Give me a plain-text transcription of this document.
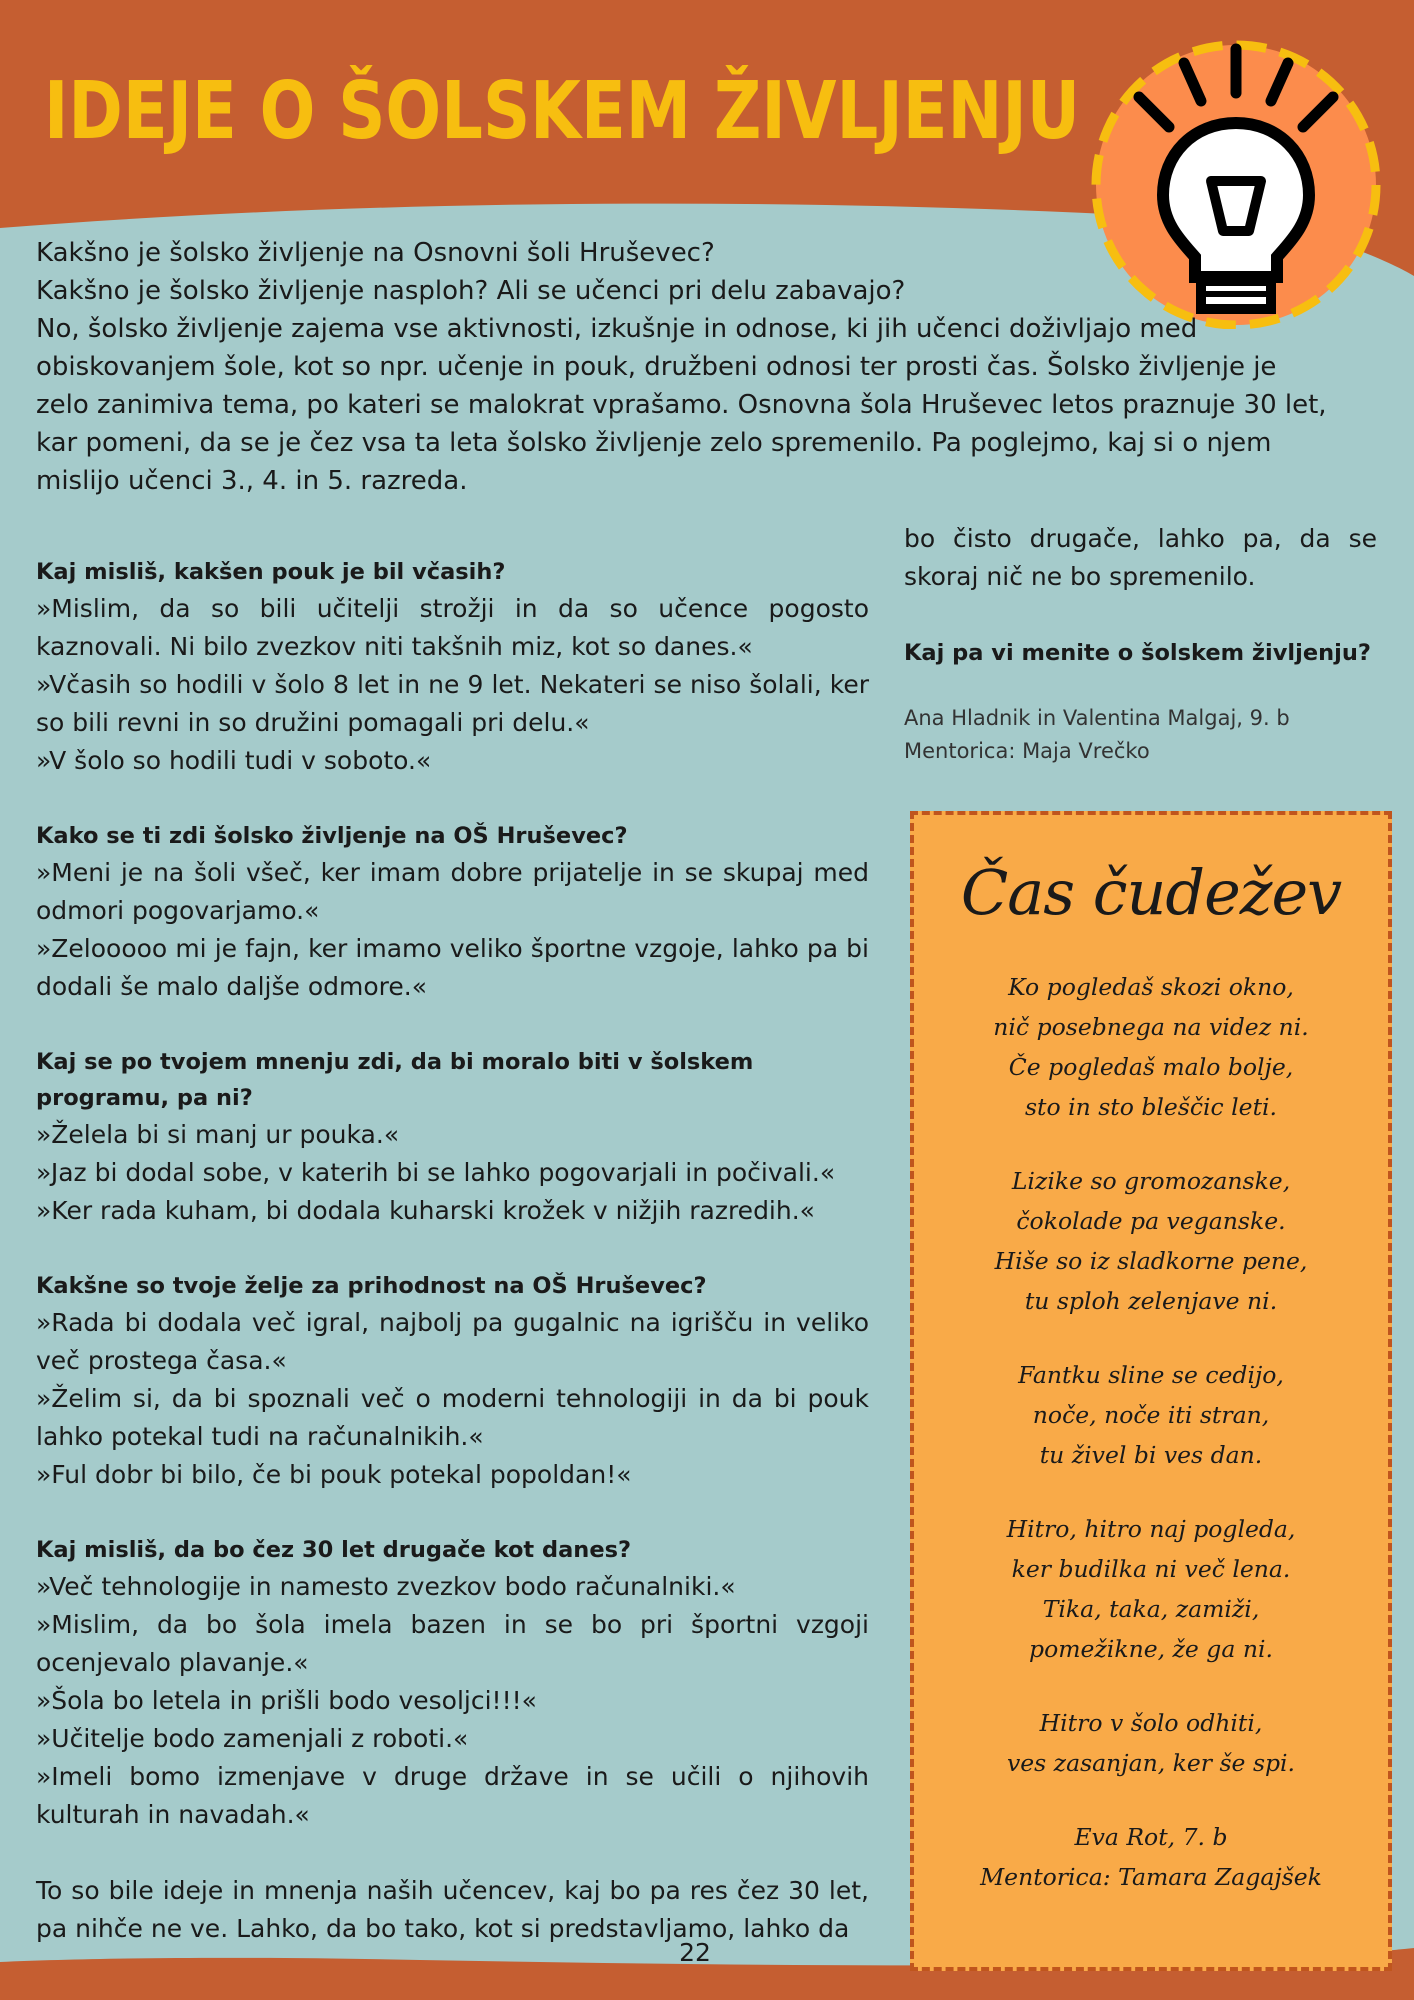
IDEJE O ŠOLSKEM ŽIVLJENJU

Kakšno je šolsko življenje na Osnovni šoli Hruševec?

Kakšno je šolsko življenje nasploh? Ali se učenci pri delu zabavajo?

No, šolsko življenje zajema vse aktivnosti, izkušnje in odnose, ki jih učenci doživljajo med obiskovanjem šole, kot so npr. učenje in pouk, družbeni odnosi ter prosti čas. Šolsko življenje je zelo zanimiva tema, po kateri se malokrat vprašamo. Osnovna šola Hruševec letos praznuje 30 let, kar pomeni, da se je čez vsa ta leta šolsko življenje zelo spremenilo. Pa poglejmo, kaj si o njem mislijo učenci 3., 4. in 5. razreda.

Kaj misliš, kakšen pouk je bil včasih?

»Mislim, da so bili učitelji strožji in da so učence pogosto kaznovali. Ni bilo zvezkov niti takšnih miz, kot so danes.«

»Včasih so hodili v šolo 8 let in ne 9 let. Nekateri se niso šolali, ker so bili revni in so družini pomagali pri delu.«

»V šolo so hodili tudi v soboto.«

Kako se ti zdi šolsko življenje na OŠ Hruševec?

»Meni je na šoli všeč, ker imam dobre prijatelje in se skupaj med odmori pogovarjamo.«

»Zelooooo mi je fajn, ker imamo veliko športne vzgoje, lahko pa bi dodali še malo daljše odmore.«

Kaj se po tvojem mnenju zdi, da bi moralo biti v šolskem programu, pa ni?

»Želela bi si manj ur pouka.«

»Jaz bi dodal sobe, v katerih bi se lahko pogovarjali in počivali.«

»Ker rada kuham, bi dodala kuharski krožek v nižjih razredih.«

Kakšne so tvoje želje za prihodnost na OŠ Hruševec?

»Rada bi dodala več igral, najbolj pa gugalnic na igrišču in veliko več prostega časa.«

»Želim si, da bi spoznali več o moderni tehnologiji in da bi pouk lahko potekal tudi na računalnikih.«

»Ful dobr bi bilo, če bi pouk potekal popoldan!«

Kaj misliš, da bo čez 30 let drugače kot danes?

»Več tehnologije in namesto zvezkov bodo računalniki.«

»Mislim, da bo šola imela bazen in se bo pri športni vzgoji ocenjevalo plavanje.«

»Šola bo letela in prišli bodo vesoljci!!!«

»Učitelje bodo zamenjali z roboti.«

»Imeli bomo izmenjave v druge države in se učili o njihovih kulturah in navadah.«

To so bile ideje in mnenja naših učencev, kaj bo pa res čez 30 let, pa nihče ne ve. Lahko, da bo tako, kot si predstavljamo, lahko da

bo čisto drugače, lahko pa, da se skoraj nič ne bo spremenilo.

Kaj pa vi menite o šolskem življenju?

Ana Hladnik in Valentina Malgaj, 9. b

Mentorica: Maja Vrečko

Čas čudežev

Ko pogledaš skozi okno,

nič posebnega na videz ni.

Če pogledaš malo bolje,

sto in sto bleščic leti.

Lizike so gromozanske,

čokolade pa veganske.

Hiše so iz sladkorne pene,

tu sploh zelenjave ni.

Fantku sline se cedijo,

noče, noče iti stran,

tu živel bi ves dan.

Hitro, hitro naj pogleda,

ker budilka ni več lena.

Tika, taka, zamiži,

pomežikne, že ga ni.

Hitro v šolo odhiti,

ves zasanjan, ker še spi.

Eva Rot, 7. b

Mentorica: Tamara Zagajšek

22
